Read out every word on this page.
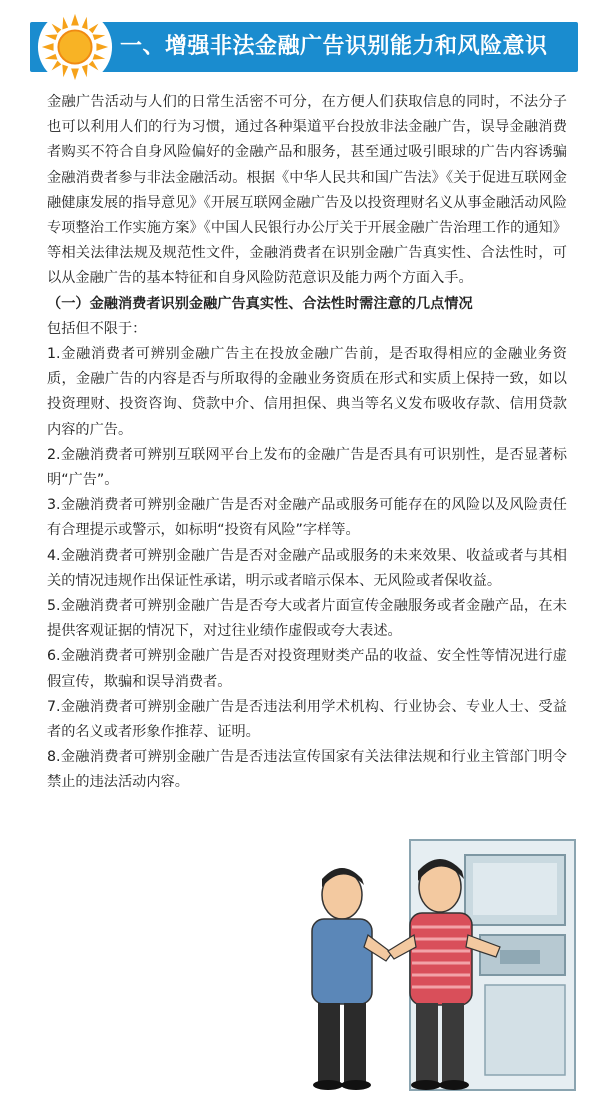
一、增强非法金融广告识别能力和风险意识

金融广告活动与人们的日常生活密不可分，在方便人们获取信息的同时，不法分子也可以利用人们的行为习惯，通过各种渠道平台投放非法金融广告，误导金融消费者购买不符合自身风险偏好的金融产品和服务，甚至通过吸引眼球的广告内容诱骗金融消费者参与非法金融活动。根据《中华人民共和国广告法》《关于促进互联网金融健康发展的指导意见》《开展互联网金融广告及以投资理财名义从事金融活动风险专项整治工作实施方案》《中国人民银行办公厅关于开展金融广告治理工作的通知》等相关法律法规及规范性文件，金融消费者在识别金融广告真实性、合法性时，可以从金融广告的基本特征和自身风险防范意识及能力两个方面入手。

（一）金融消费者识别金融广告真实性、合法性时需注意的几点情况

包括但不限于：

1.金融消费者可辨别金融广告主在投放金融广告前，是否取得相应的金融业务资质，金融广告的内容是否与所取得的金融业务资质在形式和实质上保持一致，如以投资理财、投资咨询、贷款中介、信用担保、典当等名义发布吸收存款、信用贷款内容的广告。

2.金融消费者可辨别互联网平台上发布的金融广告是否具有可识别性，是否显著标明“广告”。

3.金融消费者可辨别金融广告是否对金融产品或服务可能存在的风险以及风险责任有合理提示或警示，如标明“投资有风险”字样等。

4.金融消费者可辨别金融广告是否对金融产品或服务的未来效果、收益或者与其相关的情况违规作出保证性承诺，明示或者暗示保本、无风险或者保收益。

5.金融消费者可辨别金融广告是否夸大或者片面宣传金融服务或者金融产品，在未提供客观证据的情况下，对过往业绩作虚假或夸大表述。

6.金融消费者可辨别金融广告是否对投资理财类产品的收益、安全性等情况进行虚假宣传，欺骗和误导消费者。

7.金融消费者可辨别金融广告是否违法利用学术机构、行业协会、专业人士、受益者的名义或者形象作推荐、证明。

8.金融消费者可辨别金融广告是否违法宣传国家有关法律法规和行业主管部门明令禁止的违法活动内容。
